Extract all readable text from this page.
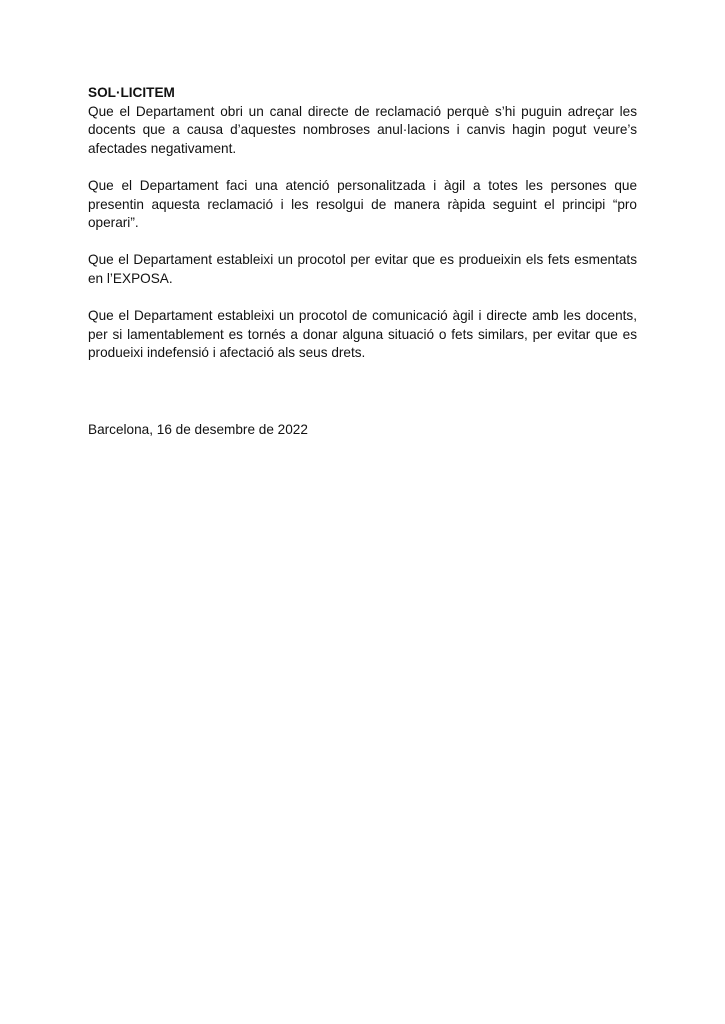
SOL·LICITEM

Que el Departament obri un canal directe de reclamació perquè s’hi puguin adreçar les docents que a causa d’aquestes nombroses anul·lacions i canvis hagin pogut veure’s afectades negativament.

Que el Departament faci una atenció personalitzada i àgil a totes les persones que presentin aquesta reclamació i les resolgui de manera ràpida seguint el principi “pro operari”.

Que el Departament estableixi un procotol per evitar que es produeixin els fets esmentats en l’EXPOSA.

Que el Departament estableixi un procotol de comunicació àgil i directe amb les docents, per si lamentablement es tornés a donar alguna situació o fets similars, per evitar que es produeixi indefensió i afectació als seus drets.

Barcelona, 16 de desembre de 2022
